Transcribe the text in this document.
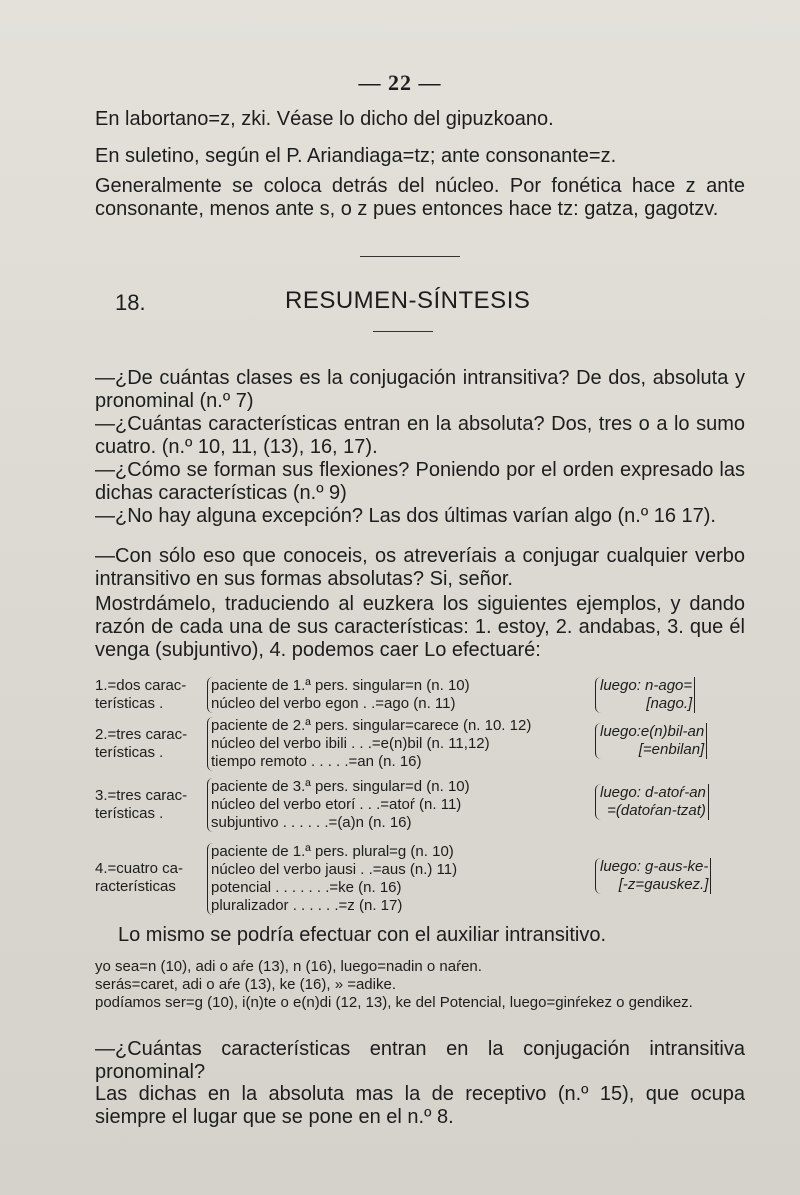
— 22 —

En labortano=z, zki. Véase lo dicho del gipuzkoano.

En suletino, según el P. Ariandiaga=tz; ante consonante=z.

Generalmente se coloca detrás del núcleo. Por fonética hace z ante consonante, menos ante s, o z pues entonces hace tz: gatza, gagotzv.

18.	RESUMEN-SÍNTESIS

—¿De cuántas clases es la conjugación intransitiva? De dos, absoluta y pronominal (n.º 7)

—¿Cuántas características entran en la absoluta? Dos, tres o a lo sumo cuatro. (n.º 10, 11, (13), 16, 17).

—¿Cómo se forman sus flexiones? Poniendo por el orden expresado las dichas características (n.º 9)

—¿No hay alguna excepción? Las dos últimas varían algo (n.º 16 17).

—Con sólo eso que conoceis, os atreveríais a conjugar cualquier verbo intransitivo en sus formas absolutas? Si, señor.

Mostrdámelo, traduciendo al euzkera los siguientes ejemplos, y dando razón de cada una de sus características: 1. estoy, 2. andabas, 3. que él venga (subjuntivo), 4. podemos caer Lo efectuaré:

1.=dos carac-terísticas .
paciente de 1.ª pers. singular=n (n. 10)
núcleo del verbo egon . .=ago (n. 11)
luego: n-ago=
[nago.]
2.=tres carac-terísticas .
paciente de 2.ª pers. singular=carece (n. 10. 12)
núcleo del verbo ibili . . .=e(n)bil (n. 11,12)
tiempo remoto . . . . .=an (n. 16)
luego:e(n)bil-an
[=enbilan]
3.=tres carac-terísticas .
paciente de 3.ª pers. singular=d (n. 10)
núcleo del verbo etorí . . .=atoŕ (n. 11)
subjuntivo . . . . . .=(a)n (n. 16)
luego: d-atoŕ-an
=(datoŕan-tzat)
4.=cuatro ca-racterísticas
paciente de 1.ª pers. plural=g (n. 10)
núcleo del verbo jausi . .=aus (n.) 11)
potencial . . . . . . .=ke (n. 16)
pluralizador . . . . . .=z (n. 17)
luego: g-aus-ke-
[-z=gauskez.]

Lo mismo se podría efectuar con el auxiliar intransitivo.

yo sea=n (10), adi o aŕe (13), n (16), luego=nadin o naŕen.

serás=caret, adi o aŕe (13), ke (16), » =adike.

podíamos ser=g (10), i(n)te o e(n)di (12, 13), ke del Potencial, luego=ginŕekez o gendikez.

—¿Cuántas características entran en la conjugación intransitiva pronominal?

Las dichas en la absoluta mas la de receptivo (n.º 15), que ocupa siempre el lugar que se pone en el n.º 8.
